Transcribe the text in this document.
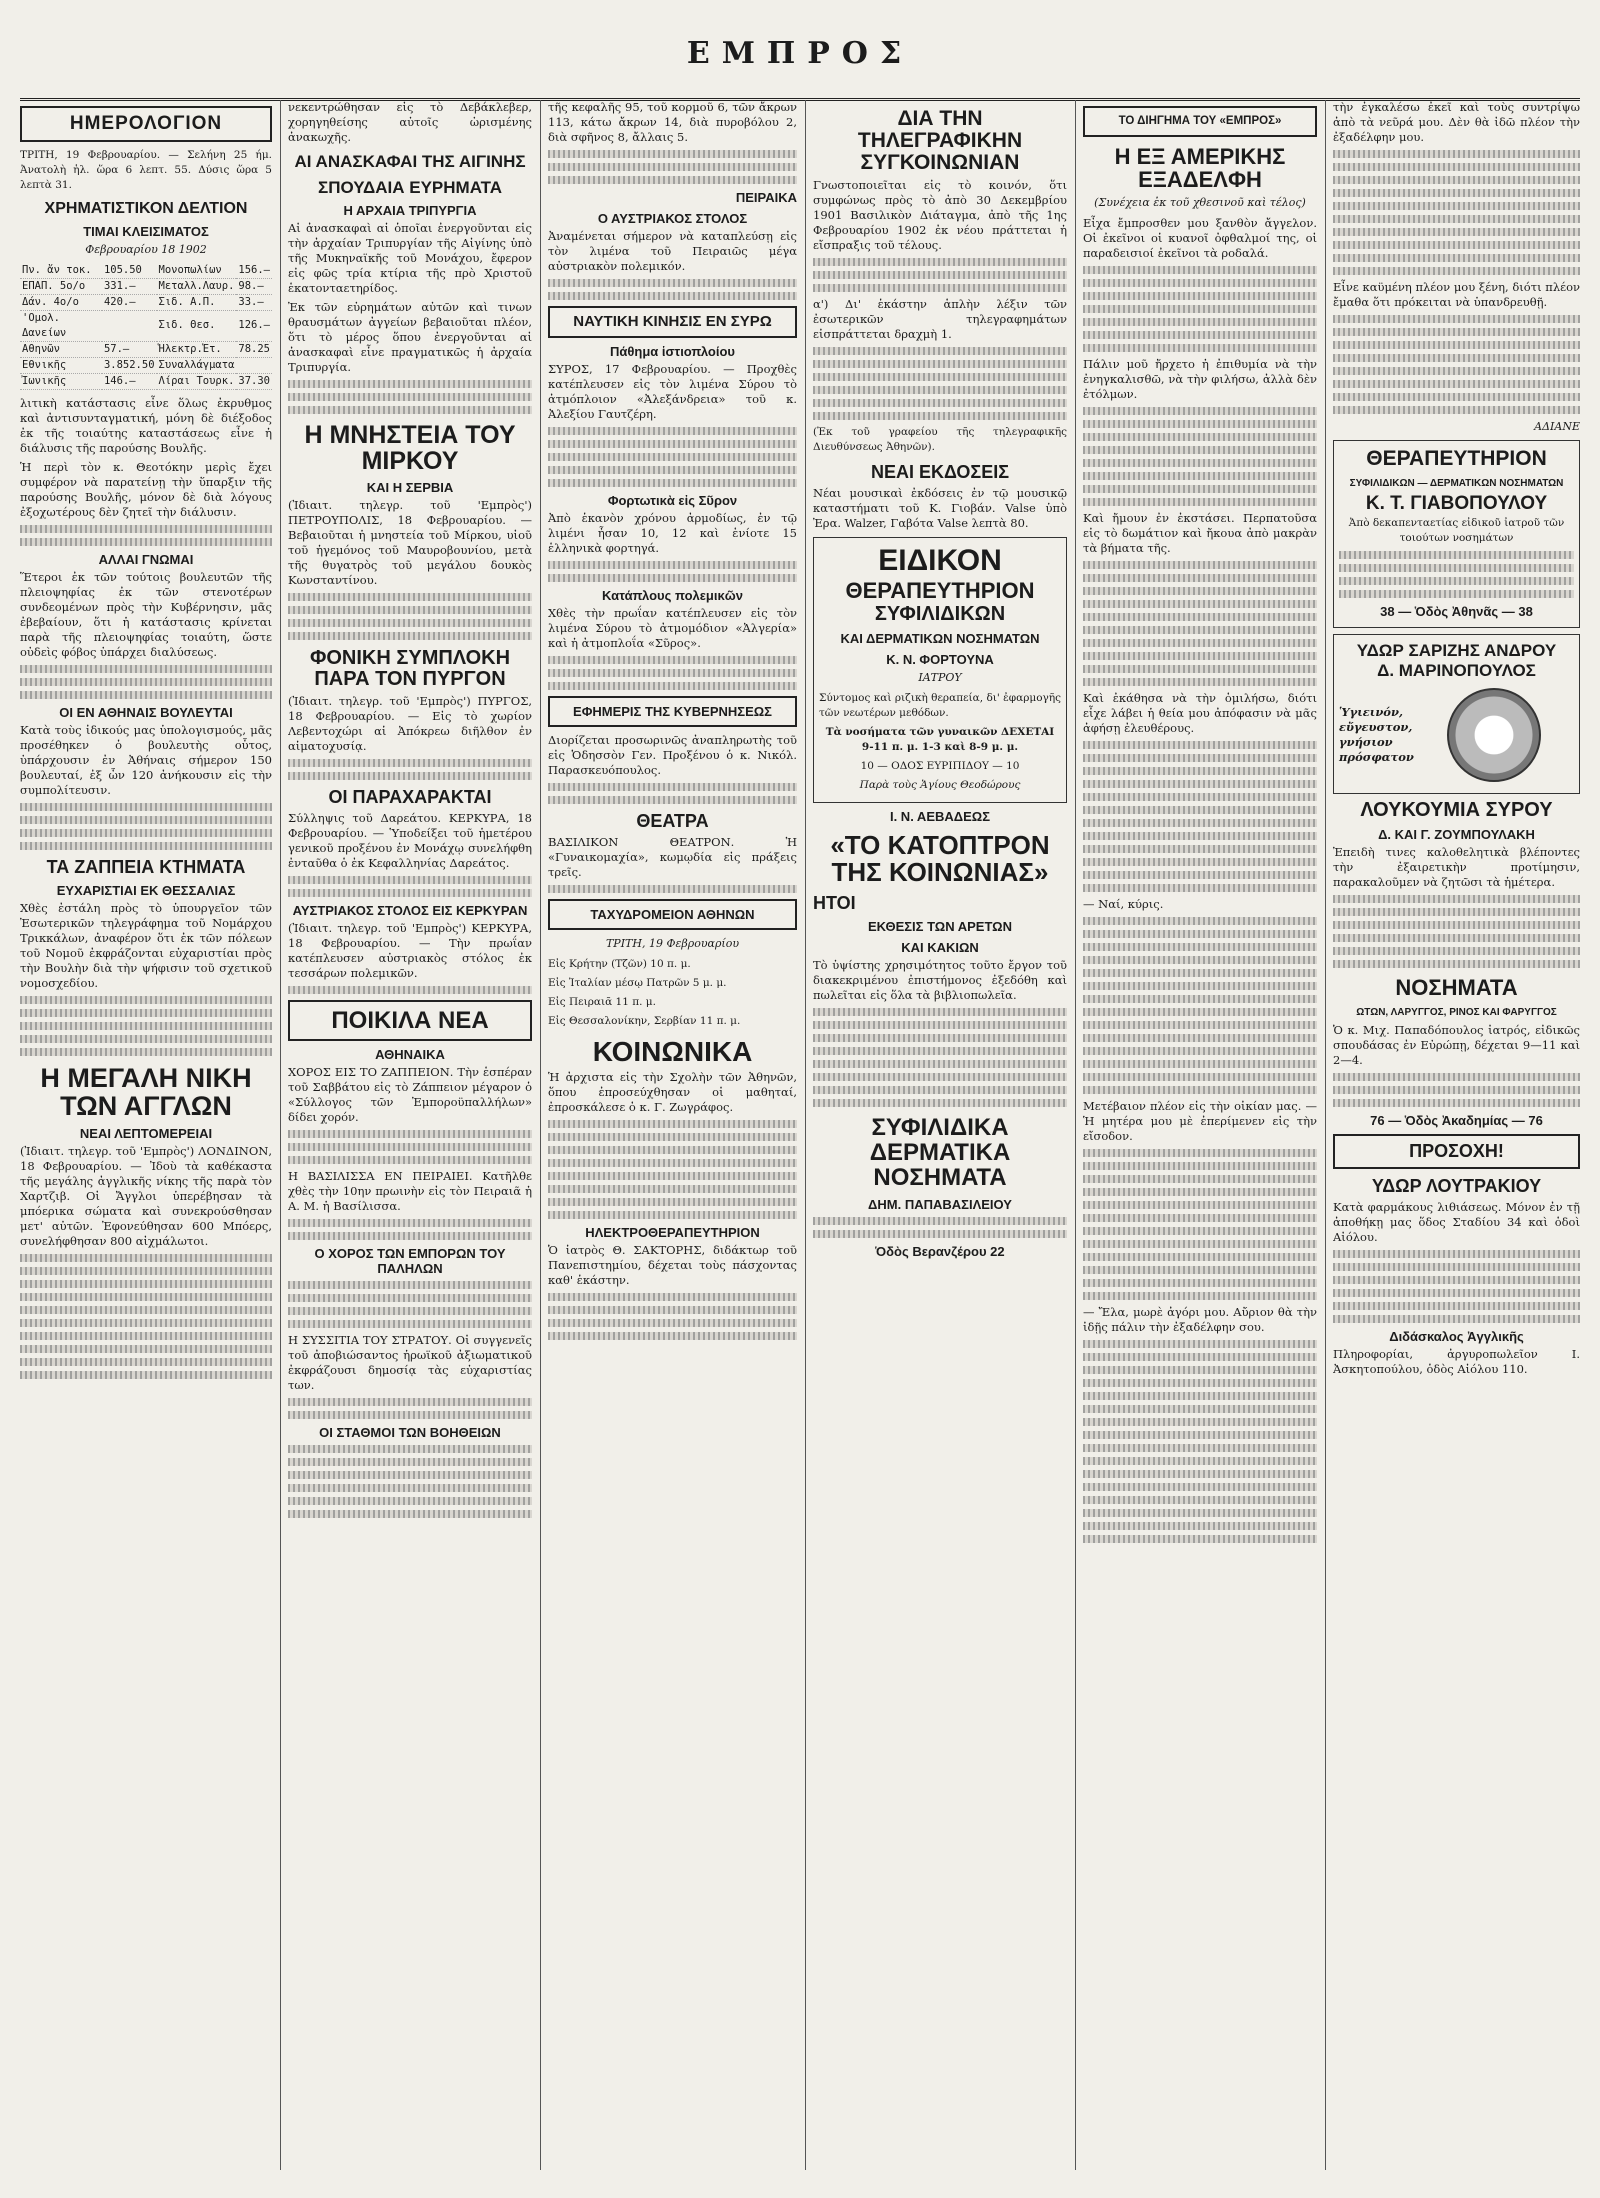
ΕΜΠΡΟΣ
ΗΜΕΡΟΛΟΓΙΟΝ

ΤΡΙΤΗ, 19 Φεβρουαρίου. — Σελήνη 25 ήμ. Ἀνατολὴ ἡλ. ὥρα 6 λεπτ. 55. Δύσις ὥρα 5 λεπτὰ 31.

ΧΡΗΜΑΤΙΣΤΙΚΟΝ ΔΕΛΤΙΟΝ
ΤΙΜΑΙ ΚΛΕΙΣΙΜΑΤΟΣ
Φεβρουαρίου 18 1902
Πν. ἄν τοκ.	105.50	Μονοπωλίων	156.—
ΕΠΑΠ. 5ο/ο	331.—	Μεταλλ.Λαυρ.	98.—
Δάν. 4ο/ο	420.—	Σιδ. Α.Π.	33.—
'Ομολ. Δανείων		Σιδ. Θεσ.	126.—
Αθηνῶν	57.—	Ἡλεκτρ.Ἑτ.	78.25
Εθνικῆς	3.852.50	Συναλλάγματα	
Ἰωνικῆς	146.—	Λίραι Τουρκ.	37.30

λιτικὴ κατάστασις εἶνε ὅλως ἐκρυθμος καὶ ἀντισυνταγματική, μόνη δὲ διέξοδος ἐκ τῆς τοιαύτης καταστάσεως εἶνε ἡ διάλυσις τῆς παρούσης Βουλῆς.

Ἡ περὶ τὸν κ. Θεοτόκην μερὶς ἔχει συμφέρον νὰ παρατείνῃ τὴν ὕπαρξιν τῆς παρούσης Βουλῆς, μόνον δὲ διὰ λόγους ἐξοχωτέρους δὲν ζητεῖ τὴν διάλυσιν.

ΑΛΛΑΙ ΓΝΩΜΑΙ

Ἕτεροι ἐκ τῶν τούτοις βουλευτῶν τῆς πλειοψηφίας ἐκ τῶν στενοτέρων συνδεομένων πρὸς τὴν Κυβέρνησιν, μᾶς ἐβεβαίουν, ὅτι ἡ κατάστασις κρίνεται παρὰ τῆς πλειοψηφίας τοιαύτη, ὥστε οὐδεὶς φόβος ὑπάρχει διαλύσεως.

ΟΙ ΕΝ ΑΘΗΝΑΙΣ ΒΟΥΛΕΥΤΑΙ

Κατὰ τοὺς ἰδικούς μας ὑπολογισμούς, μᾶς προσέθηκεν ὁ βουλευτὴς οὗτος, ὑπάρχουσιν ἐν Ἀθήναις σήμερον 150 βουλευταί, ἐξ ὧν 120 ἀνήκουσιν εἰς τὴν συμπολίτευσιν.

ΤΑ ΖΑΠΠΕΙΑ ΚΤΗΜΑΤΑ
ΕΥΧΑΡΙΣΤΙΑΙ ΕΚ ΘΕΣΣΑΛΙΑΣ

Χθὲς ἐστάλη πρὸς τὸ ὑπουργεῖον τῶν Ἐσωτερικῶν τηλεγράφημα τοῦ Νομάρχου Τρικκάλων, ἀναφέρον ὅτι ἐκ τῶν πόλεων τοῦ Νομοῦ ἐκφράζονται εὐχαριστίαι πρὸς τὴν Βουλὴν διὰ τὴν ψήφισιν τοῦ σχετικοῦ νομοσχεδίου.

Η ΜΕΓΑΛΗ ΝΙΚΗ ΤΩΝ ΑΓΓΛΩΝ
ΝΕΑΙ ΛΕΠΤΟΜΕΡΕΙΑΙ

(Ἰδιαιτ. τηλεγρ. τοῦ 'Εμπρὸς') ΛΟΝΔΙΝΟΝ, 18 Φεβρουαρίου. — Ἰδοὺ τὰ καθέκαστα τῆς μεγάλης ἀγγλικῆς νίκης τῆς παρὰ τὸν Χαρτζιβ. Οἱ Ἄγγλοι ὑπερέβησαν τὰ μπόερικα σώματα καὶ συνεκρούσθησαν μετ' αὐτῶν. Ἐφονεύθησαν 600 Μπόερς, συνελήφθησαν 800 αἰχμάλωτοι.

νεκεντρώθησαν εἰς τὸ Δεβάκλεβερ, χορηγηθείσης αὐτοῖς ὡρισμένης ἀνακωχῆς.

ΑΙ ΑΝΑΣΚΑΦΑΙ ΤΗΣ ΑΙΓΙΝΗΣ
ΣΠΟΥΔΑΙΑ ΕΥΡΗΜΑΤΑ
Η ΑΡΧΑΙΑ ΤΡΙΠΥΡΓΙΑ

Αἱ ἀνασκαφαὶ αἱ ὁποῖαι ἐνεργοῦνται εἰς τὴν ἀρχαίαν Τριπυργίαν τῆς Αἰγίνης ὑπὸ τῆς Μυκηναϊκῆς τοῦ Μονάχου, ἔφερον εἰς φῶς τρία κτίρια τῆς πρὸ Χριστοῦ ἑκατονταετηρίδος.

Ἐκ τῶν εὑρημάτων αὐτῶν καὶ τινων θραυσμάτων ἀγγείων βεβαιοῦται πλέον, ὅτι τὸ μέρος ὅπου ἐνεργοῦνται αἱ ἀνασκαφαὶ εἶνε πραγματικῶς ἡ ἀρχαία Τριπυργία.

Η ΜΝΗΣΤΕΙΑ ΤΟΥ ΜΙΡΚΟΥ
ΚΑΙ Η ΣΕΡΒΙΑ

(Ἰδιαιτ. τηλεγρ. τοῦ 'Εμπρὸς') ΠΕΤΡΟΥΠΟΛΙΣ, 18 Φεβρουαρίου. — Βεβαιοῦται ἡ μνηστεία τοῦ Μίρκου, υἱοῦ τοῦ ἡγεμόνος τοῦ Μαυροβουνίου, μετὰ τῆς θυγατρὸς τοῦ μεγάλου δουκὸς Κωνσταντίνου.

ΦΟΝΙΚΗ ΣΥΜΠΛΟΚΗ ΠΑΡΑ ΤΟΝ ΠΥΡΓΟΝ

(Ἰδιαιτ. τηλεγρ. τοῦ 'Εμπρὸς') ΠΥΡΓΟΣ, 18 Φεβρουαρίου. — Εἰς τὸ χωρίον Λεβεντοχώρι αἱ Ἀπόκρεω διῆλθον ἐν αἱματοχυσίᾳ.

ΟΙ ΠΑΡΑΧΑΡΑΚΤΑΙ

Σύλληψις τοῦ Δαρεάτου. ΚΕΡΚΥΡΑ, 18 Φεβρουαρίου. — Ὑποδείξει τοῦ ἡμετέρου γενικοῦ προξένου ἐν Μονάχῳ συνελήφθη ἐνταῦθα ὁ ἐκ Κεφαλληνίας Δαρεάτος.

ΑΥΣΤΡΙΑΚΟΣ ΣΤΟΛΟΣ ΕΙΣ ΚΕΡΚΥΡΑΝ

(Ἰδιαιτ. τηλεγρ. τοῦ 'Εμπρὸς') ΚΕΡΚΥΡΑ, 18 Φεβρουαρίου. — Τὴν πρωΐαν κατέπλευσεν αὐστριακὸς στόλος ἐκ τεσσάρων πολεμικῶν.

ΠΟΙΚΙΛΑ ΝΕΑ
ΑΘΗΝΑΙΚΑ

ΧΟΡΟΣ ΕΙΣ ΤΟ ΖΑΠΠΕΙΟΝ. Τὴν ἑσπέραν τοῦ Σαββάτου εἰς τὸ Ζάππειον μέγαρον ὁ «Σύλλογος τῶν Ἐμποροϋπαλλήλων» δίδει χορόν.

Η ΒΑΣΙΛΙΣΣΑ ΕΝ ΠΕΙΡΑΙΕΙ. Κατῆλθε χθὲς τὴν 10ην πρωινὴν εἰς τὸν Πειραιᾶ ἡ Α. Μ. ἡ Βασίλισσα.

Ο ΧΟΡΟΣ ΤΩΝ ΕΜΠΟΡΩΝ ΤΟΥ ΠΑΛΗΛΩΝ

Η ΣΥΣΣΙΤΙΑ ΤΟΥ ΣΤΡΑΤΟΥ. Οἱ συγγενεῖς τοῦ ἀποβιώσαντος ἡρωϊκοῦ ἀξιωματικοῦ ἐκφράζουσι δημοσίᾳ τὰς εὐχαριστίας των.

ΟΙ ΣΤΑΘΜΟΙ ΤΩΝ ΒΟΗΘΕΙΩΝ

τῆς κεφαλῆς 95, τοῦ κορμοῦ 6, τῶν ἄκρων 113, κάτω ἄκρων 14, διὰ πυροβόλου 2, διὰ σφῆνος 8, ἄλλαις 5.

ΠΕΙΡΑΙΚΑ
Ο ΑΥΣΤΡΙΑΚΟΣ ΣΤΟΛΟΣ

Ἀναμένεται σήμερον νὰ καταπλεύσῃ εἰς τὸν λιμένα τοῦ Πειραιῶς μέγα αὐστριακὸν πολεμικόν.

ΝΑΥΤΙΚΗ ΚΙΝΗΣΙΣ ΕΝ ΣΥΡΩ
Πάθημα ἱστιοπλοίου

ΣΥΡΟΣ, 17 Φεβρουαρίου. — Προχθὲς κατέπλευσεν εἰς τὸν λιμένα Σύρου τὸ ἀτμόπλοιον «Ἀλεξάνδρεια» τοῦ κ. Ἀλεξίου Γαυτζέρη.

Φορτωτικὰ εἰς Σῦρον

Ἀπὸ ἑκανὸν χρόνου ἀρμοδίως, ἐν τῷ λιμένι ἦσαν 10, 12 καὶ ἑνίοτε 15 ἑλληνικὰ φορτηγά.

Κατάπλους πολεμικῶν

Χθὲς τὴν πρωΐαν κατέπλευσεν εἰς τὸν λιμένα Σύρου τὸ ἀτμομόδιον «Ἀλγερία» καὶ ἡ ἀτμοπλοΐα «Σῦρος».

ΕΦΗΜΕΡΙΣ ΤΗΣ ΚΥΒΕΡΝΗΣΕΩΣ

Διορίζεται προσωρινῶς ἀναπληρωτὴς τοῦ εἰς Ὁδησσὸν Γεν. Προξένου ὁ κ. Νικόλ. Παρασκευόπουλος.

ΘΕΑΤΡΑ

ΒΑΣΙΛΙΚΟΝ ΘΕΑΤΡΟΝ. Ἡ «Γυναικομαχία», κωμῳδία εἰς πράξεις τρεῖς.

ΤΑΧΥΔΡΟΜΕΙΟΝ ΑΘΗΝΩΝ
ΤΡΙΤΗ, 19 Φεβρουαρίου

Εἰς Κρήτην (Τζῶν) 10 π. μ.

Εἰς Ἰταλίαν μέσῳ Πατρῶν 5 μ. μ.

Εἰς Πειραιᾶ 11 π. μ.

Εἰς Θεσσαλονίκην, Σερβίαν 11 π. μ.

ΚΟΙΝΩΝΙΚΑ

Ἡ ἀρχιστα εἰς τὴν Σχολὴν τῶν Ἀθηνῶν, ὅπου ἐπροσεύχθησαν οἱ μαθηταί, ἐπροσκάλεσε ὁ κ. Γ. Ζωγράφος.

ΗΛΕΚΤΡΟΘΕΡΑΠΕΥΤΗΡΙΟΝ

Ὁ ἰατρὸς Θ. ΣΑΚΤΟΡΗΣ, διδάκτωρ τοῦ Πανεπιστημίου, δέχεται τοὺς πάσχοντας καθ' ἑκάστην.

ΔΙΑ ΤΗΝ ΤΗΛΕΓΡΑΦΙΚΗΝ ΣΥΓΚΟΙΝΩΝΙΑΝ

Γνωστοποιεῖται εἰς τὸ κοινόν, ὅτι συμφώνως πρὸς τὸ ἀπὸ 30 Δεκεμβρίου 1901 Βασιλικὸν Διάταγμα, ἀπὸ τῆς 1ης Φεβρουαρίου 1902 ἐκ νέου πράττεται ἡ εἴσπραξις τοῦ τέλους.

α') Δι' ἑκάστην ἁπλὴν λέξιν τῶν ἐσωτερικῶν τηλεγραφημάτων εἰσπράττεται δραχμὴ 1.

(Ἐκ τοῦ γραφείου τῆς τηλεγραφικῆς Διευθύνσεως Ἀθηνῶν).

ΝΕΑΙ ΕΚΔΟΣΕΙΣ

Νέαι μουσικαὶ ἐκδόσεις ἐν τῷ μουσικῷ καταστήματι τοῦ Κ. Γιοβάν. Valse ὑπὸ Ἐρα. Walzer, Γαβότα Valse λεπτὰ 80.

ΕΙΔΙΚΟΝ
ΘΕΡΑΠΕΥΤΗΡΙΟΝ
ΣΥΦΙΛΙΔΙΚΩΝ
ΚΑΙ ΔΕΡΜΑΤΙΚΩΝ ΝΟΣΗΜΑΤΩΝ
Κ. Ν. ΦΟΡΤΟΥΝΑ
ΙΑΤΡΟΥ

Σύντομος καὶ ριζικὴ θεραπεία, δι' ἐφαρμογῆς τῶν νεωτέρων μεθόδων.

Τὰ νοσήματα τῶν γυναικῶν ΔΕΧΕΤΑΙ 9-11 π. μ. 1-3 καὶ 8-9 μ. μ.

10 — ΟΔΟΣ ΕΥΡΙΠΙΔΟΥ — 10

Παρὰ τοὺς Ἁγίους Θεοδώρους

Ι. Ν. ΑΕΒΑΔΕΩΣ
«ΤΟ ΚΑΤΟΠΤΡΟΝ ΤΗΣ ΚΟΙΝΩΝΙΑΣ»
ΗΤΟΙ
ΕΚΘΕΣΙΣ ΤΩΝ ΑΡΕΤΩΝ
ΚΑΙ ΚΑΚΙΩΝ

Τὸ ὑψίστης χρησιμότητος τοῦτο ἔργον τοῦ διακεκριμένου ἐπιστήμονος ἐξεδόθη καὶ πωλεῖται εἰς ὅλα τὰ βιβλιοπωλεῖα.

ΣΥΦΙΛΙΔΙΚΑ ΔΕΡΜΑΤΙΚΑ ΝΟΣΗΜΑΤΑ
ΔΗΜ. ΠΑΠΑΒΑΣΙΛΕΙΟΥ
Ὁδὸς Βερανζέρου 22
ΤΟ ΔΙΗΓΗΜΑ ΤΟΥ «ΕΜΠΡΟΣ»
Η ΕΞ ΑΜΕΡΙΚΗΣ ΕΞΑΔΕΛΦΗ
(Συνέχεια ἐκ τοῦ χθεσινοῦ καὶ τέλος)

Εἶχα ἔμπροσθεν μου ξανθὸν ἄγγελον. Οἱ ἐκεῖνοι οἱ κυανοῖ ὀφθαλμοί της, οἱ παραδεισιοί ἐκεῖνοι τὰ ροδαλά.

Πάλιν μοῦ ἤρχετο ἡ ἐπιθυμία νὰ τὴν ἐνηγκαλισθῶ, νὰ τὴν φιλήσω, ἀλλὰ δὲν ἐτόλμων.

Καὶ ἤμουν ἐν ἐκστάσει. Περπατοῦσα εἰς τὸ δωμάτιον καὶ ἤκουα ἀπὸ μακρὰν τὰ βήματα τῆς.

Καὶ ἐκάθησα νὰ τὴν ὁμιλήσω, διότι εἶχε λάβει ἡ θεία μου ἀπόφασιν νὰ μᾶς ἀφήσῃ ἐλευθέρους.

— Ναί, κύρις.

Μετέβαιον πλέον εἰς τὴν οἰκίαν μας. — Ἡ μητέρα μου μὲ ἐπερίμενεν εἰς τὴν εἴσοδον.

— Ἔλα, μωρὲ ἀγόρι μου. Αὔριον θὰ τὴν ἰδῇς πάλιν τὴν ἐξαδέλφην σου.

τὴν ἐγκαλέσω ἐκεῖ καὶ τοὺς συντρίψω ἀπὸ τὰ νεῦρά μου. Δὲν θὰ ἰδῶ πλέον τὴν ἐξαδέλφην μου.

Εἶνε καϋμένη πλέον μου ξένη, διότι πλέον ἔμαθα ὅτι πρόκειται νὰ ὑπανδρευθῇ.

ΑΔΙΑΝΕ
ΘΕΡΑΠΕΥΤΗΡΙΟΝ
ΣΥΦΙΛΙΔΙΚΩΝ — ΔΕΡΜΑΤΙΚΩΝ ΝΟΣΗΜΑΤΩΝ
Κ. Τ. ΓΙΑΒΟΠΟΥΛΟΥ

Ἀπὸ δεκαπενταετίας εἰδικοῦ ἰατροῦ τῶν τοιούτων νοσημάτων

38 — Ὁδὸς Ἀθηνᾶς — 38
ΥΔΩΡ ΣΑΡΙΖΗΣ ΑΝΔΡΟΥ
Δ. ΜΑΡΙΝΟΠΟΥΛΟΣ
Ὑγιεινόν,
εὔγευστον,
γνήσιον
πρόσφατον
ΛΟΥΚΟΥΜΙΑ ΣΥΡΟΥ
Δ. ΚΑΙ Γ. ΖΟΥΜΠΟΥΛΑΚΗ

Ἐπειδὴ τινες καλοθελητικὰ βλέποντες τὴν ἐξαιρετικὴν προτίμησιν, παρακαλοῦμεν νὰ ζητῶσι τὰ ἡμέτερα.

ΝΟΣΗΜΑΤΑ
ΩΤΩΝ, ΛΑΡΥΓΓΟΣ, ΡΙΝΟΣ ΚΑΙ ΦΑΡΥΓΓΟΣ

Ὁ κ. Μιχ. Παπαδόπουλος ἰατρός, εἰδικῶς σπουδάσας ἐν Εὐρώπῃ, δέχεται 9—11 καὶ 2—4.

76 — Ὁδὸς Ἀκαδημίας — 76
ΠΡΟΣΟΧΗ!
ΥΔΩΡ ΛΟΥΤΡΑΚΙΟΥ

Κατὰ φαρμάκους λιθιάσεως. Μόνον ἐν τῇ ἀποθήκῃ μας ὅδος Σταδίου 34 καὶ ὁδοὶ Αἰόλου.

Διδάσκαλος Ἀγγλικῆς

Πληροφορίαι, ἀργυροπωλεῖον Ι. Ἀσκητοπούλου, ὁδὸς Αἰόλου 110.
